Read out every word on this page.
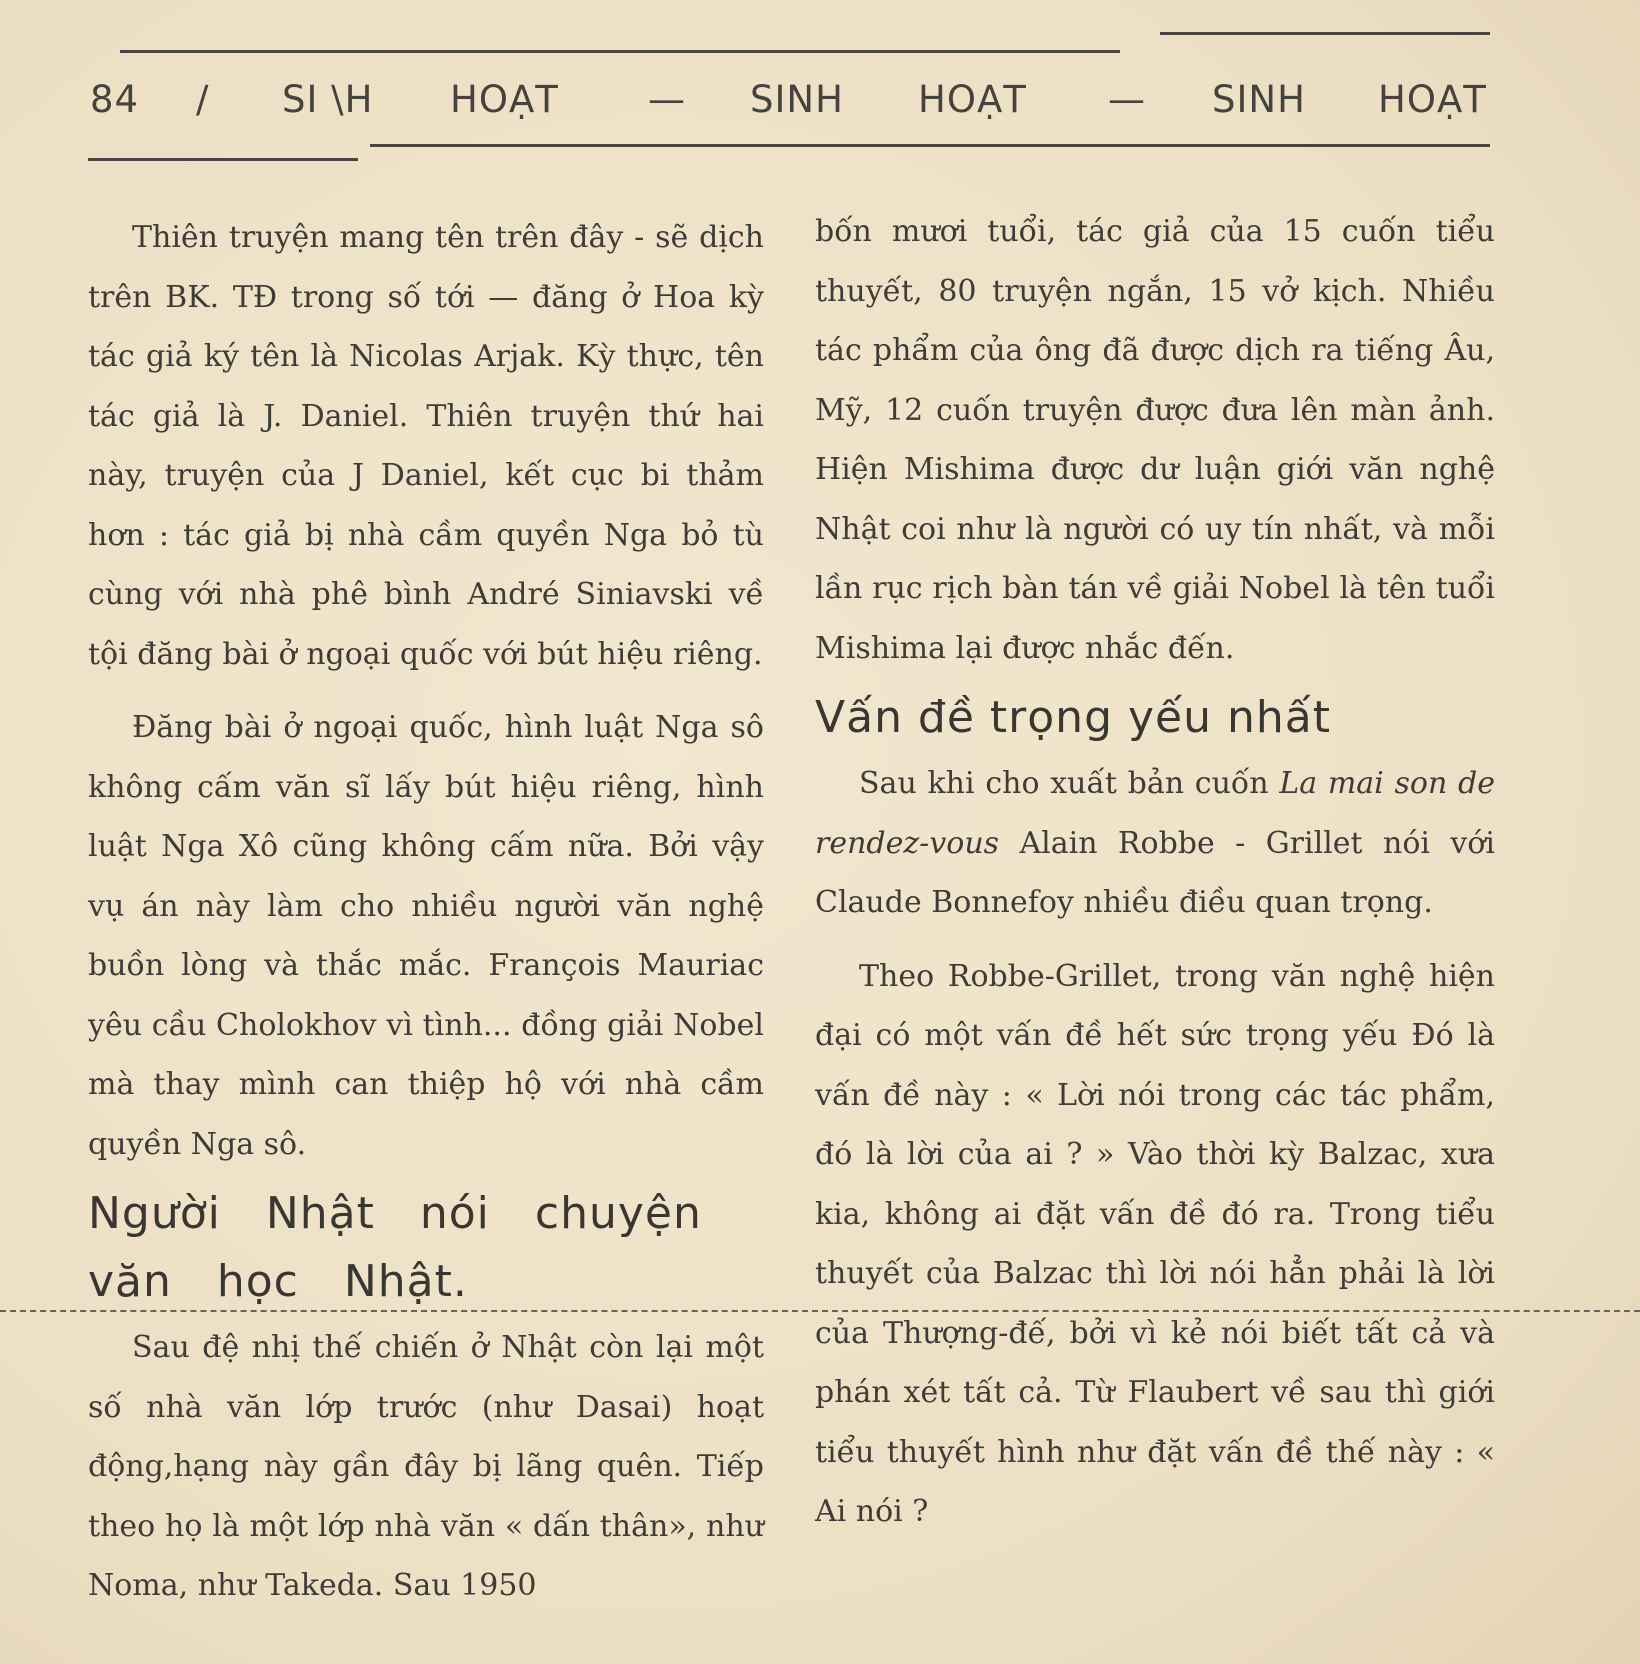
84 / SI \H HOẠT — SINH HOẠT — SINH HOẠT

Thiên truyện mang tên trên đây - sẽ dịch trên BK. TĐ trong số tới — đăng ở Hoa kỳ tác giả ký tên là Nicolas Arjak. Kỳ thực, tên tác giả là J. Daniel. Thiên truyện thứ hai này, truyện của J Daniel, kết cục bi thảm hơn : tác giả bị nhà cầm quyền Nga bỏ tù cùng với nhà phê bình André Siniavski về tội đăng bài ở ngoại quốc với bút hiệu riêng.

Đăng bài ở ngoại quốc, hình luật Nga sô không cấm văn sĩ lấy bút hiệu riêng, hình luật Nga Xô cũng không cấm nữa. Bởi vậy vụ án này làm cho nhiều người văn nghệ buồn lòng và thắc mắc. François Mauriac yêu cầu Cholokhov vì tình... đồng giải Nobel mà thay mình can thiệp hộ với nhà cầm quyền Nga sô.

Người Nhật nói chuyện văn học Nhật.

Sau đệ nhị thế chiến ở Nhật còn lại một số nhà văn lớp trước (như Dasai) hoạt động,hạng này gần đây bị lãng quên. Tiếp theo họ là một lớp nhà văn « dấn thân», như Noma, như Takeda. Sau 1950

bốn mươi tuổi, tác giả của 15 cuốn tiểu thuyết, 80 truyện ngắn, 15 vở kịch. Nhiều tác phẩm của ông đã được dịch ra tiếng Âu, Mỹ, 12 cuốn truyện được đưa lên màn ảnh. Hiện Mishima được dư luận giới văn nghệ Nhật coi như là người có uy tín nhất, và mỗi lần rục rịch bàn tán về giải Nobel là tên tuổi Mishima lại được nhắc đến.

Vấn đề trọng yếu nhất

Sau khi cho xuất bản cuốn La mai son de rendez-vous Alain Robbe - Grillet nói với Claude Bonnefoy nhiều điều quan trọng.

Theo Robbe-Grillet, trong văn nghệ hiện đại có một vấn đề hết sức trọng yếu Đó là vấn đề này : « Lời nói trong các tác phẩm, đó là lời của ai ? » Vào thời kỳ Balzac, xưa kia, không ai đặt vấn đề đó ra. Trong tiểu thuyết của Balzac thì lời nói hẳn phải là lời của Thượng-đế, bởi vì kẻ nói biết tất cả và phán xét tất cả. Từ Flaubert về sau thì giới tiểu thuyết hình như đặt vấn đề thế này : « Ai nói ?
